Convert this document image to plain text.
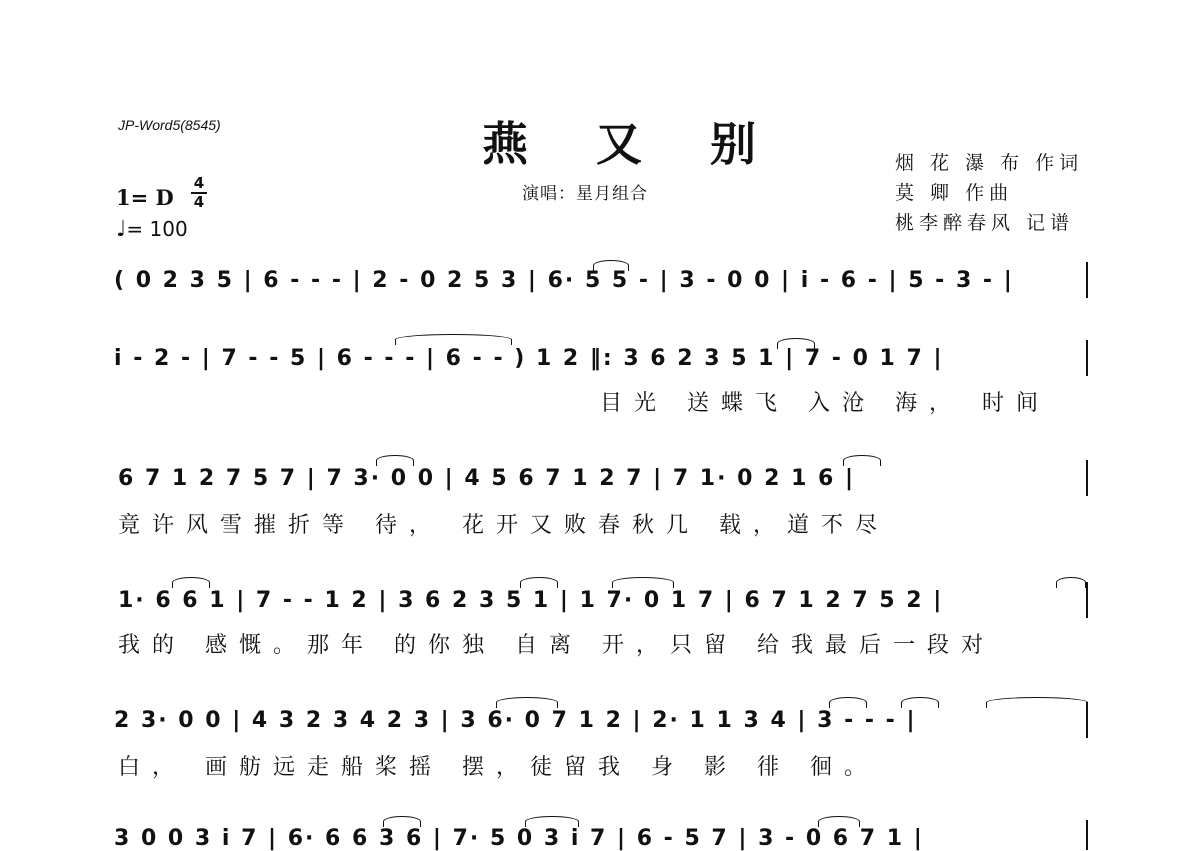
JP-Word5(8545)	燕 又 别
演唱：星月组合
烟 花 瀑 布 作词
莫 卿 作曲
桃李醉春风 记谱
1= D
4
4
♩= 100
( 0 2 3 5 | 6 - - - | 2 - 0 2 5 3 | 6· 5 5 - | 3 - 0 0 | i - 6 - | 5 - 3 - |
i - 2 - | 7 - - 5 | 6 - - - | 6 - - ) 1 2 ‖: 3 6 2 3 5 1 | 7 - 0 1 7 |
目光 送蝶飞 入沧 海， 时间
6 7 1 2 7 5 7 | 7 3· 0 0 | 4 5 6 7 1 2 7 | 7 1· 0 2 1 6 |
竟许风雪摧折等 待， 花开又败春秋几 载，道不尽
1· 6 6 1 | 7 - - 1 2 | 3 6 2 3 5 1 | 1 7· 0 1 7 | 6 7 1 2 7 5 2 |
我的 感慨。那年 的你独 自离 开，只留 给我最后一段对
2 3· 0 0 | 4 3 2 3 4 2 3 | 3 6· 0 7 1 2 | 2· 1 1 3 4 | 3 - - - |
白， 画舫远走船桨摇 摆，徒留我 身 影 徘 徊。
3 0 0 3 i 7 | 6· 6 6 3 6 | 7· 5 0 3 i 7 | 6 - 5 7 | 3 - 0 6 7 1 |
